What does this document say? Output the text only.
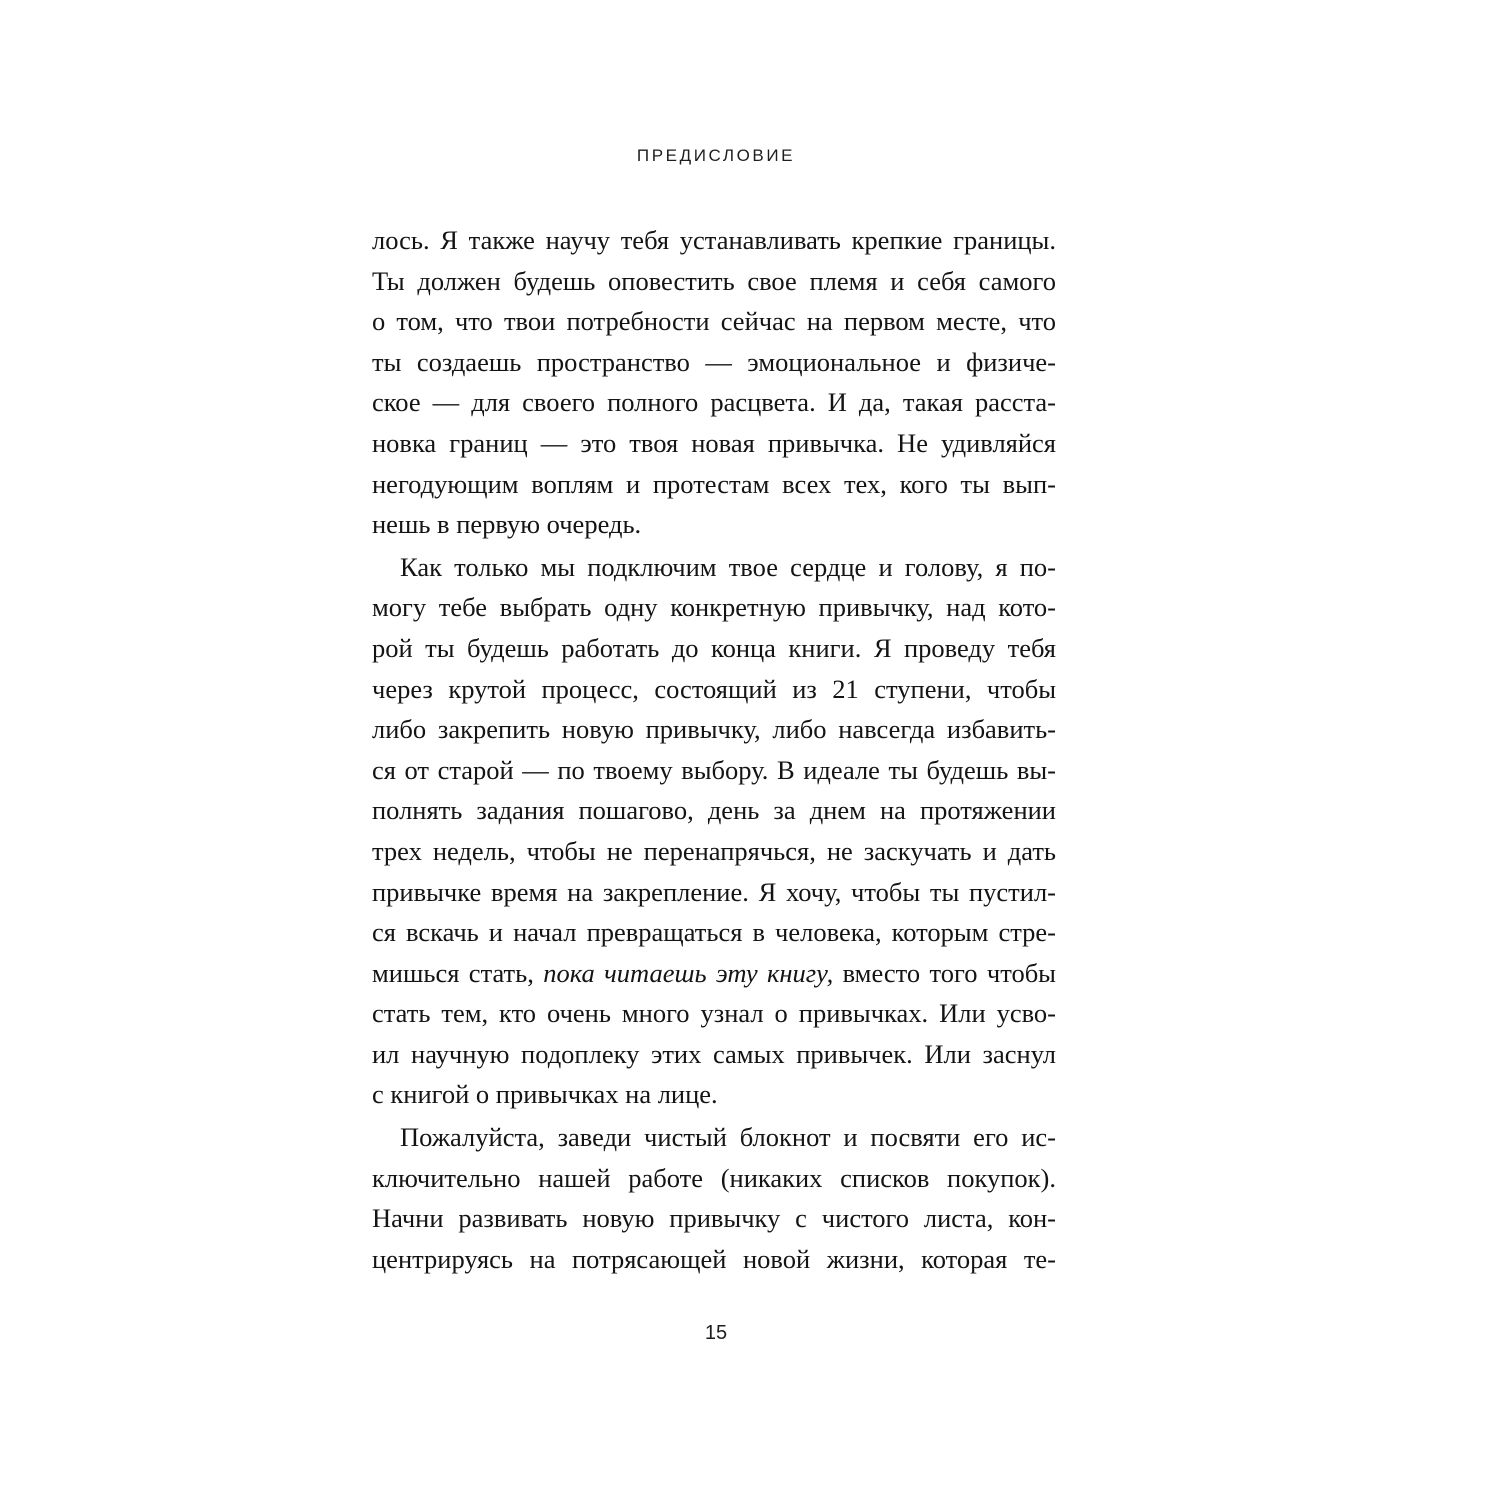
ПРЕДИСЛОВИЕ
лось. Я также научу тебя устанавливать крепкие границы.
Ты должен будешь оповестить свое племя и себя самого
о том, что твои потребности сейчас на первом месте, что
ты создаешь пространство — эмоциональное и физиче-
ское — для своего полного расцвета. И да, такая расста-
новка границ — это твоя новая привычка. Не удивляйся
негодующим воплям и протестам всех тех, кого ты вып-
нешь в первую очередь.
Как только мы подключим твое сердце и голову, я по-
могу тебе выбрать одну конкретную привычку, над кото-
рой ты будешь работать до конца книги. Я проведу тебя
через крутой процесс, состоящий из 21 ступени, чтобы
либо закрепить новую привычку, либо навсегда избавить-
ся от старой — по твоему выбору. В идеале ты будешь вы-
полнять задания пошагово, день за днем на протяжении
трех недель, чтобы не перенапрячься, не заскучать и дать
привычке время на закрепление. Я хочу, чтобы ты пустил-
ся вскачь и начал превращаться в человека, которым стре-
мишься стать, пока читаешь эту книгу, вместо того чтобы
стать тем, кто очень много узнал о привычках. Или усво-
ил научную подоплеку этих самых привычек. Или заснул
с книгой о привычках на лице.
Пожалуйста, заведи чистый блокнот и посвяти его ис-
ключительно нашей работе (никаких списков покупок).
Начни развивать новую привычку с чистого листа, кон-
центрируясь на потрясающей новой жизни, которая те-
15
